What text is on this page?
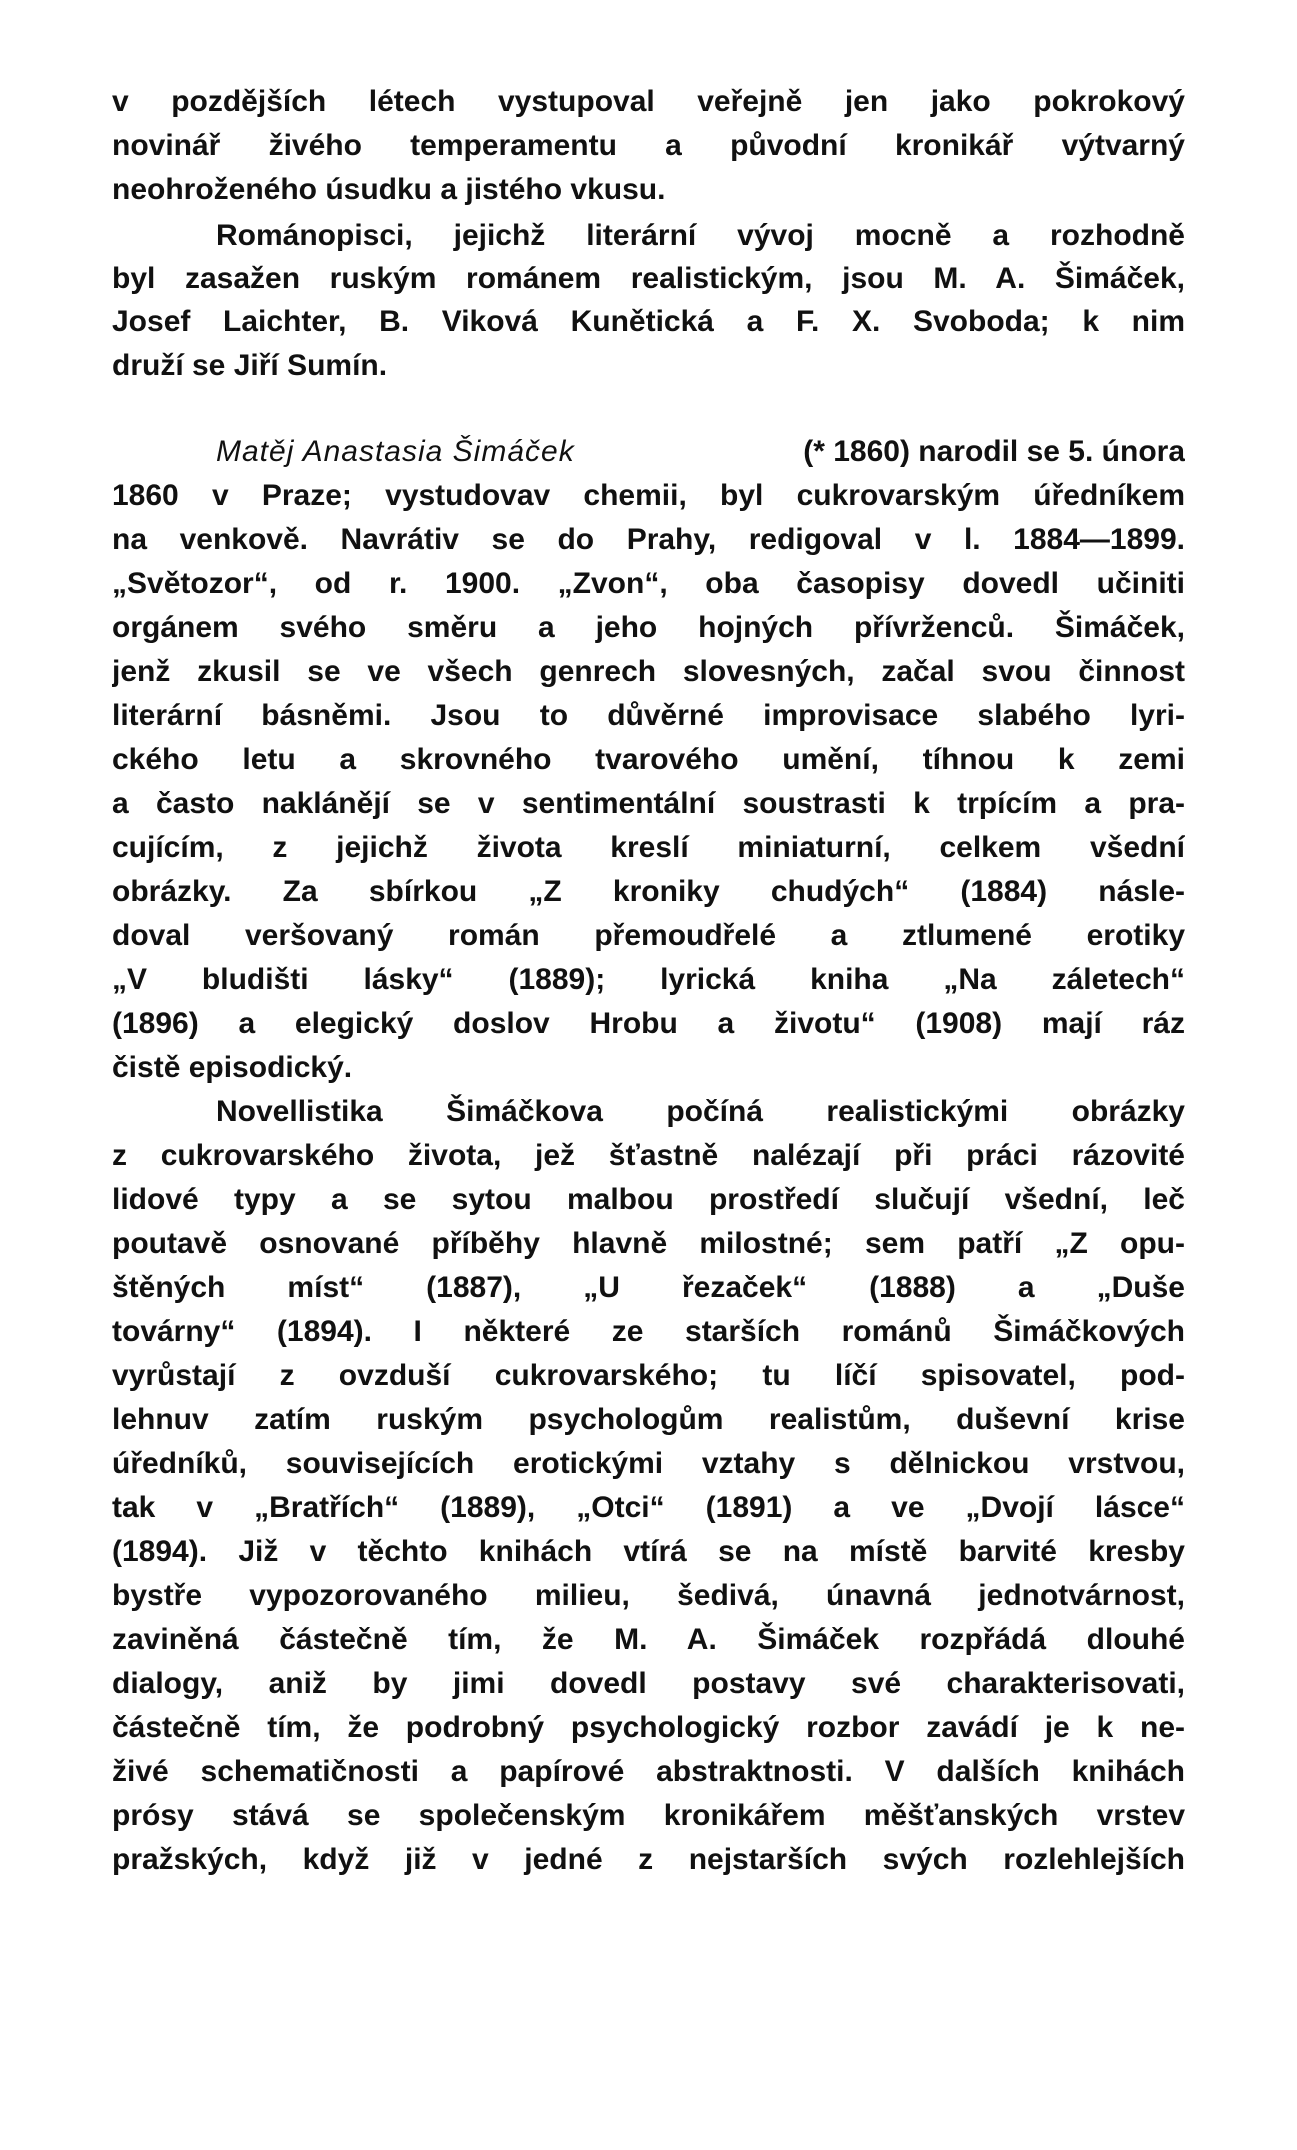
v pozdějších létech vystupoval veřejně jen jako pokrokový
novinář živého temperamentu a původní kronikář výtvarný
neohroženého úsudku a jistého vkusu.
Románopisci, jejichž literární vývoj mocně a rozhodně
byl zasažen ruským románem realistickým, jsou M. A. Šimáček,
Josef Laichter, B. Viková Kunětická a F. X. Svoboda; k nim
druží se Jiří Sumín.
Matěj Anastasia Šimáček	(* 1860) narodil se 5. února
1860 v Praze; vystudovav chemii, byl cukrovarským úředníkem
na venkově. Navrátiv se do Prahy, redigoval v l. 1884—1899.
„Světozor“, od r. 1900. „Zvon“, oba časopisy dovedl učiniti
orgánem svého směru a jeho hojných přívrženců. Šimáček,
jenž zkusil se ve všech genrech slovesných, začal svou činnost
literární básněmi. Jsou to důvěrné improvisace slabého lyri-
ckého letu a skrovného tvarového umění, tíhnou k zemi
a často naklánějí se v sentimentální soustrasti k trpícím a pra-
cujícím, z jejichž života kreslí miniaturní, celkem všední
obrázky. Za sbírkou „Z kroniky chudých“ (1884) násle-
doval veršovaný román přemoudřelé a ztlumené erotiky
„V bludišti lásky“ (1889); lyrická kniha „Na záletech“
(1896) a elegický doslov Hrobu a životu“ (1908) mají ráz
čistě episodický.
Novellistika Šimáčkova počíná realistickými obrázky
z cukrovarského života, jež šťastně nalézají při práci rázovité
lidové typy a se sytou malbou prostředí slučují všední, leč
poutavě osnované příběhy hlavně milostné; sem patří „Z opu-
štěných míst“ (1887), „U řezaček“ (1888) a „Duše
továrny“ (1894). I některé ze starších románů Šimáčkových
vyrůstají z ovzduší cukrovarského; tu líčí spisovatel, pod-
lehnuv zatím ruským psychologům realistům, duševní krise
úředníků, souvisejících erotickými vztahy s dělnickou vrstvou,
tak v „Bratřích“ (1889), „Otci“ (1891) a ve „Dvojí lásce“
(1894). Již v těchto knihách vtírá se na místě barvité kresby
bystře vypozorovaného milieu, šedivá, únavná jednotvárnost,
zaviněná částečně tím, že M. A. Šimáček rozpřádá dlouhé
dialogy, aniž by jimi dovedl postavy své charakterisovati,
částečně tím, že podrobný psychologický rozbor zavádí je k ne-
živé schematičnosti a papírové abstraktnosti. V dalších knihách
prósy stává se společenským kronikářem měšťanských vrstev
pražských, když již v jedné z nejstarších svých rozlehlejších
